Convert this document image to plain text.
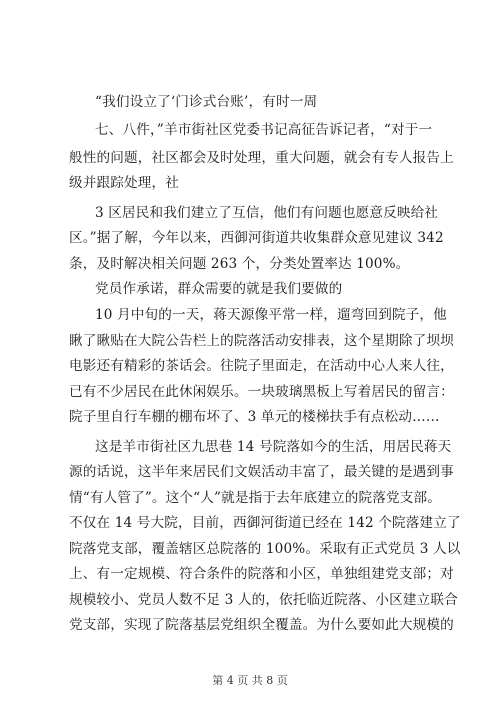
“我们设立了‘门诊式台账’，有时一周
七、八件，”羊市街社区党委书记高征告诉记者，“对于一
般性的问题，社区都会及时处理，重大问题，就会有专人报告上
级并跟踪处理，社
3 区居民和我们建立了互信，他们有问题也愿意反映给社
区。”据了解，今年以来，西御河街道共收集群众意见建议 342
条，及时解决相关问题 263 个，分类处置率达 100%。
党员作承诺，群众需要的就是我们要做的
10 月中旬的一天，蒋天源像平常一样，遛弯回到院子，他
瞅了瞅贴在大院公告栏上的院落活动安排表，这个星期除了坝坝
电影还有精彩的茶话会。往院子里面走，在活动中心人来人往，
已有不少居民在此休闲娱乐。一块玻璃黑板上写着居民的留言：
院子里自行车棚的棚布坏了、3 单元的楼梯扶手有点松动……
这是羊市街社区九思巷 14 号院落如今的生活，用居民蒋天
源的话说，这半年来居民们文娱活动丰富了，最关键的是遇到事
情“有人管了”。这个“人”就是指于去年底建立的院落党支部。
不仅在 14 号大院，目前，西御河街道已经在 142 个院落建立了
院落党支部，覆盖辖区总院落的 100%。采取有正式党员 3 人以
上、有一定规模、符合条件的院落和小区，单独组建党支部；对
规模较小、党员人数不足 3 人的，依托临近院落、小区建立联合
党支部，实现了院落基层党组织全覆盖。为什么要如此大规模的
第 4 页 共 8 页
